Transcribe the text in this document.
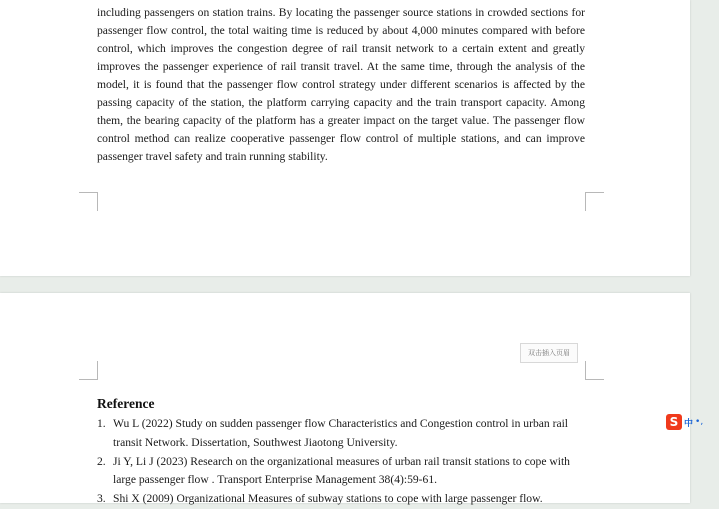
including passengers on station trains. By locating the passenger source stations in crowded sections for passenger flow control, the total waiting time is reduced by about 4,000 minutes compared with before control, which improves the congestion degree of rail transit network to a certain extent and greatly improves the passenger experience of rail transit travel. At the same time, through the analysis of the model, it is found that the passenger flow control strategy under different scenarios is affected by the passing capacity of the station, the platform carrying capacity and the train transport capacity. Among them, the bearing capacity of the platform has a greater impact on the target value. The passenger flow control method can realize cooperative passenger flow control of multiple stations, and can improve passenger travel safety and train running stability.

双击插入页眉
Reference
1. Wu L (2022) Study on sudden passenger flow Characteristics and Congestion control in urban rail transit Network. Dissertation, Southwest Jiaotong University.
2. Ji Y, Li J (2023) Research on the organizational measures of urban rail transit stations to cope with large passenger flow . Transport Enterprise Management 38(4):59-61.
3. Shi X (2009) Organizational Measures of subway stations to cope with large passenger flow.
S 中 •,
